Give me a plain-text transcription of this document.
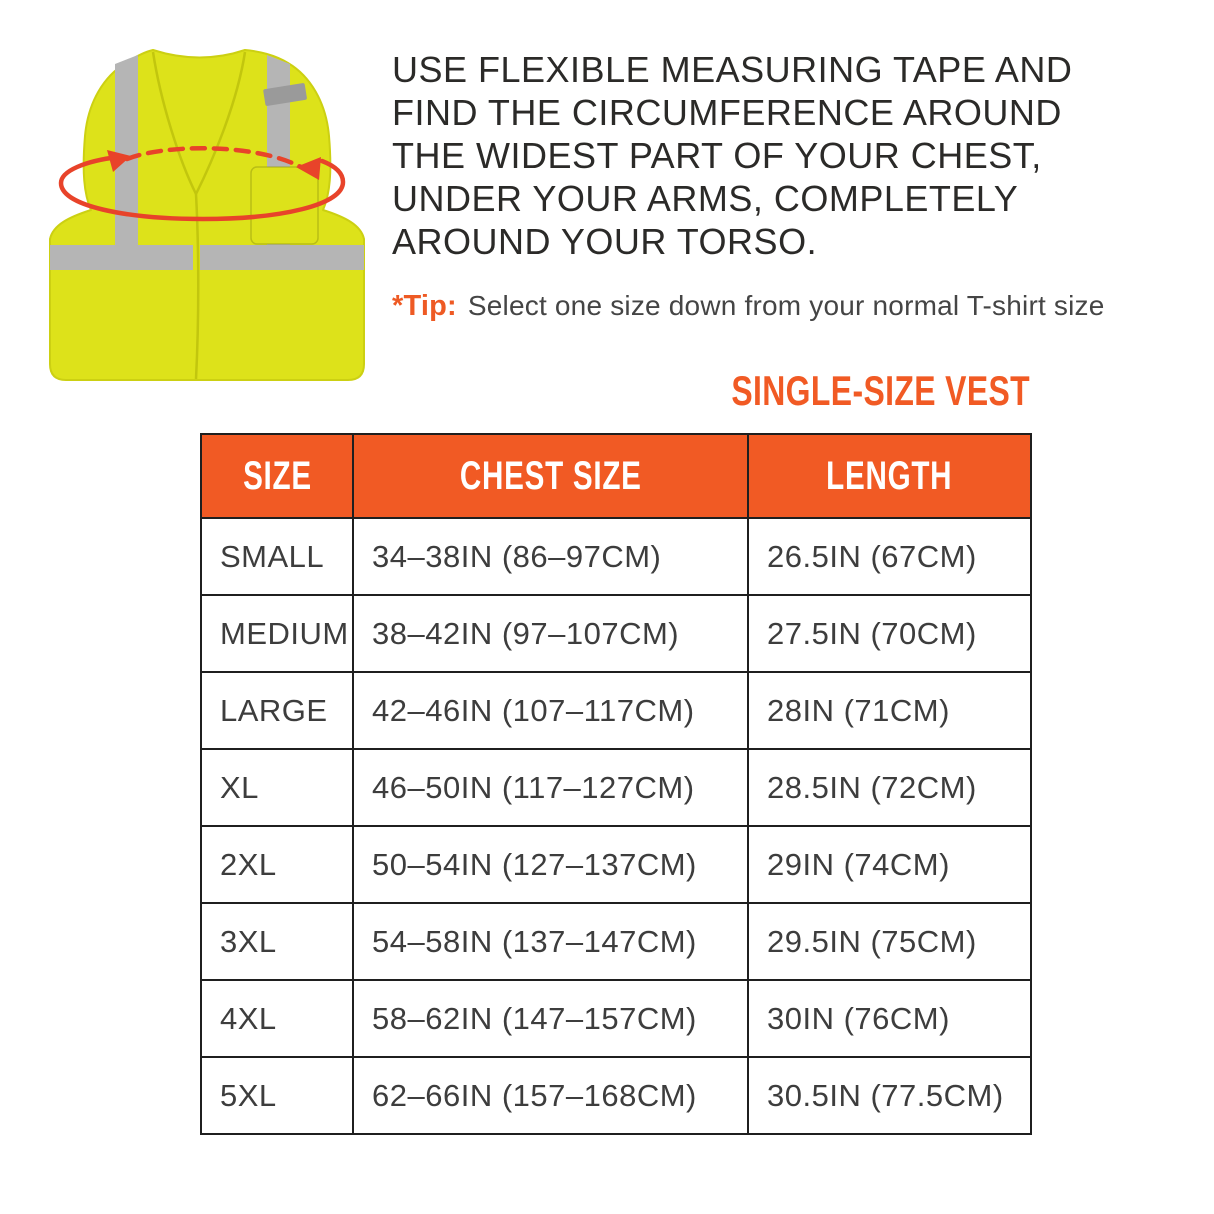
USE FLEXIBLE MEASURING TAPE AND
FIND THE CIRCUMFERENCE AROUND
THE WIDEST PART OF YOUR CHEST,
UNDER YOUR ARMS, COMPLETELY
AROUND YOUR TORSO.
*Tip: Select one size down from your normal T-shirt size
SINGLE-SIZE VEST
SIZE	CHEST SIZE	LENGTH
SMALL	34–38IN (86–97CM)	26.5IN (67CM)
MEDIUM	38–42IN (97–107CM)	27.5IN (70CM)
LARGE	42–46IN (107–117CM)	28IN (71CM)
XL	46–50IN (117–127CM)	28.5IN (72CM)
2XL	50–54IN (127–137CM)	29IN (74CM)
3XL	54–58IN (137–147CM)	29.5IN (75CM)
4XL	58–62IN (147–157CM)	30IN (76CM)
5XL	62–66IN (157–168CM)	30.5IN (77.5CM)
